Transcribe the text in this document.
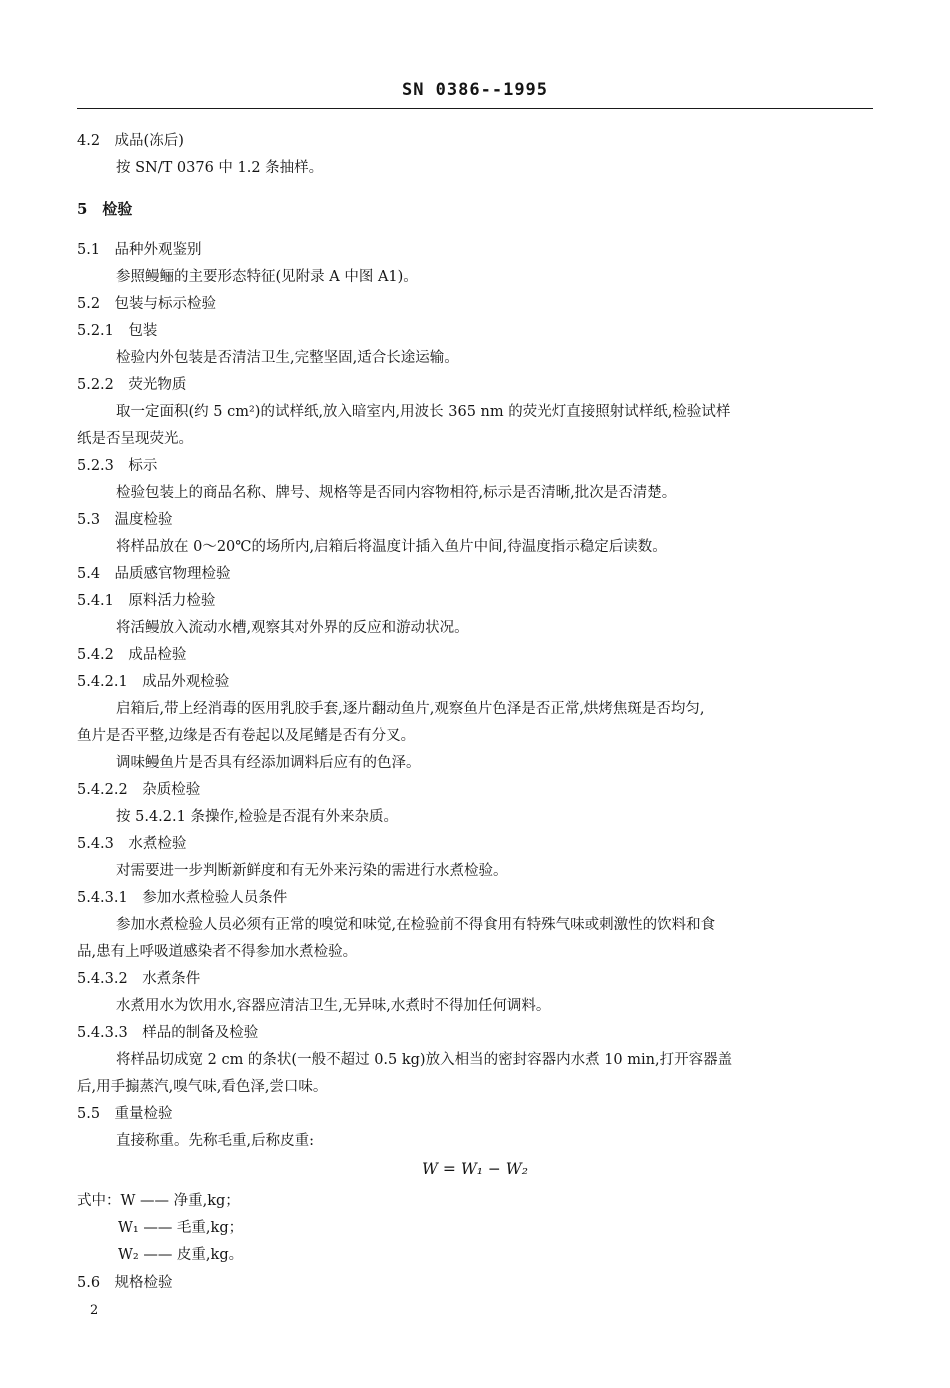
SN 0386--1995
4.2　成品(冻后)
按 SN/T 0376 中 1.2 条抽样。
5　检验
5.1　品种外观鉴别
参照鳗鲡的主要形态特征(见附录 A 中图 A1)。
5.2　包装与标示检验
5.2.1　包装
检验内外包装是否清洁卫生,完整坚固,适合长途运输。
5.2.2　荧光物质
取一定面积(约 5 cm²)的试样纸,放入暗室内,用波长 365 nm 的荧光灯直接照射试样纸,检验试样
纸是否呈现荧光。
5.2.3　标示
检验包装上的商品名称、牌号、规格等是否同内容物相符,标示是否清晰,批次是否清楚。
5.3　温度检验
将样品放在 0～20℃的场所内,启箱后将温度计插入鱼片中间,待温度指示稳定后读数。
5.4　品质感官物理检验
5.4.1　原料活力检验
将活鳗放入流动水槽,观察其对外界的反应和游动状况。
5.4.2　成品检验
5.4.2.1　成品外观检验
启箱后,带上经消毒的医用乳胶手套,逐片翻动鱼片,观察鱼片色泽是否正常,烘烤焦斑是否均匀,
鱼片是否平整,边缘是否有卷起以及尾鳍是否有分叉。
调味鳗鱼片是否具有经添加调料后应有的色泽。
5.4.2.2　杂质检验
按 5.4.2.1 条操作,检验是否混有外来杂质。
5.4.3　水煮检验
对需要进一步判断新鲜度和有无外来污染的需进行水煮检验。
5.4.3.1　参加水煮检验人员条件
参加水煮检验人员必须有正常的嗅觉和味觉,在检验前不得食用有特殊气味或刺激性的饮料和食
品,患有上呼吸道感染者不得参加水煮检验。
5.4.3.2　水煮条件
水煮用水为饮用水,容器应清洁卫生,无异味,水煮时不得加任何调料。
5.4.3.3　样品的制备及检验
将样品切成宽 2 cm 的条状(一般不超过 0.5 kg)放入相当的密封容器内水煮 10 min,打开容器盖
后,用手搧蒸汽,嗅气味,看色泽,尝口味。
5.5　重量检验
直接称重。先称毛重,后称皮重:
W = W₁ − W₂
式中：W —— 净重,kg；
W₁ —— 毛重,kg；
W₂ —— 皮重,kg。
5.6　规格检验
2
